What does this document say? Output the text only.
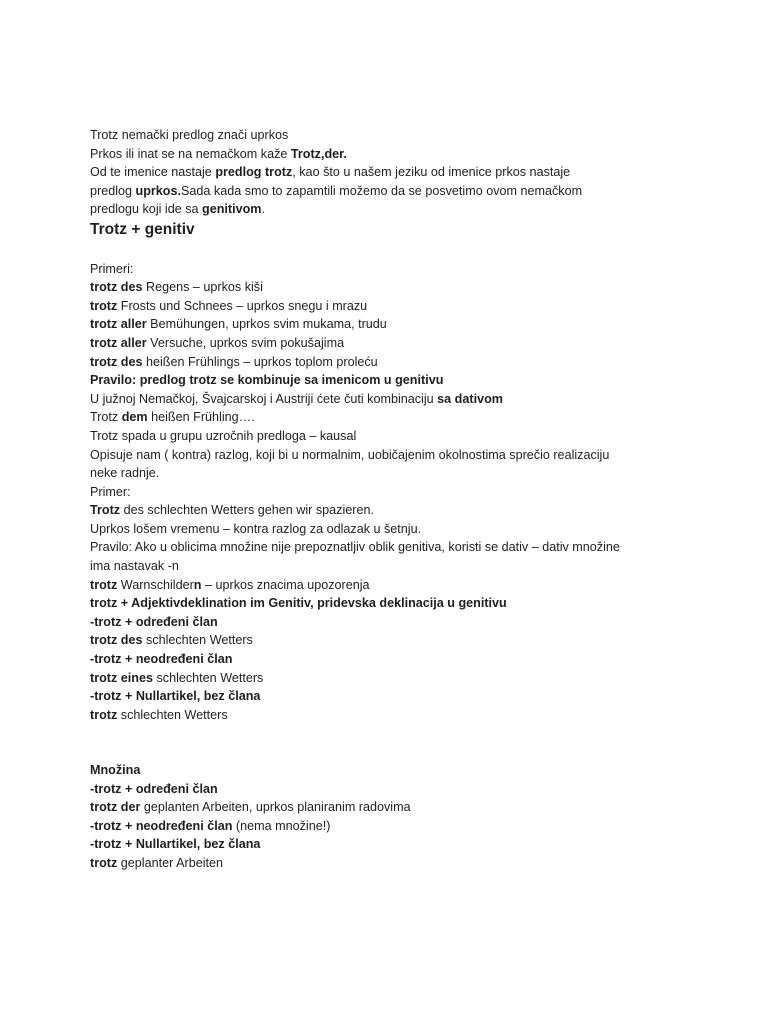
Trotz nemački predlog znači uprkos
Prkos ili inat se na nemačkom kaže Trotz,der.
Od te imenice nastaje predlog trotz, kao što u našem jeziku od imenice prkos nastaje
predlog uprkos.Sada kada smo to zapamtili možemo da se posvetimo ovom nemačkom
predlogu koji ide sa genitivom.
Trotz + genitiv
Primeri:
trotz des Regens – uprkos kiši
trotz Frosts und Schnees – uprkos snegu i mrazu
trotz aller Bemühungen, uprkos svim mukama, trudu
trotz aller Versuche, uprkos svim pokušajima
trotz des heißen Frühlings – uprkos toplom proleću
Pravilo: predlog trotz se kombinuje sa imenicom u genitivu
U južnoj Nemačkoj, Švajcarskoj i Austriji ćete čuti kombinaciju sa dativom
Trotz dem heißen Frühling….
Trotz spada u grupu uzročnih predloga – kausal
Opisuje nam ( kontra) razlog, koji bi u normalnim, uobičajenim okolnostima sprečio realizaciju
neke radnje.
Primer:
Trotz des schlechten Wetters gehen wir spazieren.
Uprkos lošem vremenu – kontra razlog za odlazak u šetnju.
Pravilo: Ako u oblicima množine nije prepoznatljiv oblik genitiva, koristi se dativ – dativ množine
ima nastavak -n
trotz Warnschildern – uprkos znacima upozorenja
trotz + Adjektivdeklination im Genitiv, pridevska deklinacija u genitivu
-trotz + određeni član
trotz des schlechten Wetters
-trotz + neodređeni član
trotz eines schlechten Wetters
-trotz + Nullartikel, bez člana
trotz schlechten Wetters
Množina
-trotz + određeni član
trotz der geplanten Arbeiten, uprkos planiranim radovima
-trotz + neodređeni član (nema množine!)
-trotz + Nullartikel, bez člana
trotz geplanter Arbeiten
